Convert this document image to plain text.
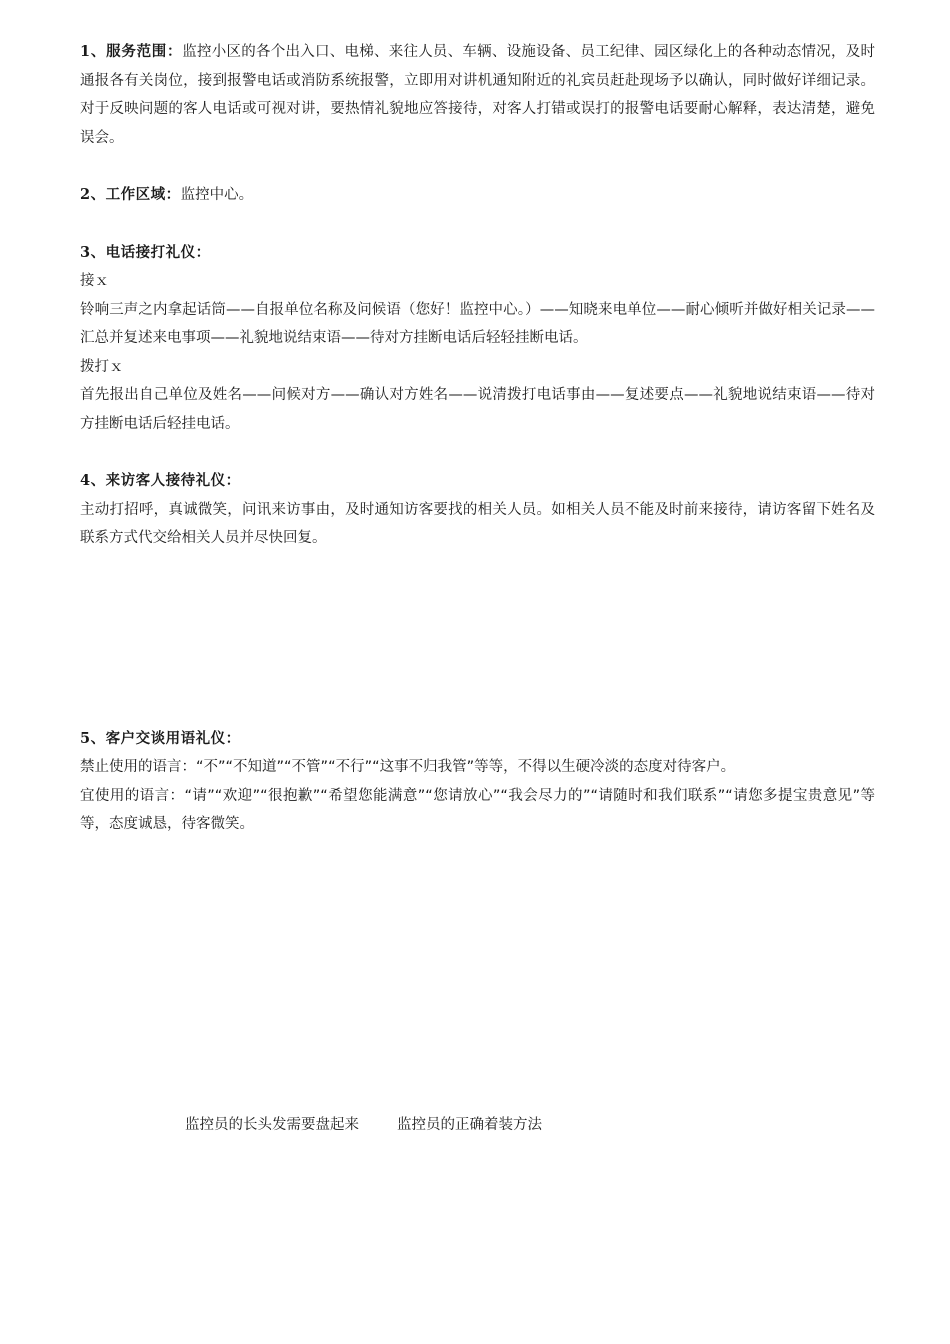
1、服务范围：监控小区的各个出入口、电梯、来往人员、车辆、设施设备、员工纪律、园区绿化上的各种动态情况，及时通报各有关岗位，接到报警电话或消防系统报警，立即用对讲机通知附近的礼宾员赶赴现场予以确认，同时做好详细记录。对于反映问题的客人电话或可视对讲，要热情礼貌地应答接待，对客人打错或误打的报警电话要耐心解释，表达清楚，避免误会。

2、工作区域：监控中心。

3、电话接打礼仪：

接ｘ

铃响三声之内拿起话筒——自报单位名称及问候语（您好！监控中心。）——知晓来电单位——耐心倾听并做好相关记录——汇总并复述来电事项——礼貌地说结束语——待对方挂断电话后轻轻挂断电话。

拨打ｘ

首先报出自己单位及姓名——问候对方——确认对方姓名——说清拨打电话事由——复述要点——礼貌地说结束语——待对方挂断电话后轻挂电话。

4、来访客人接待礼仪：

主动打招呼，真诚微笑，问讯来访事由，及时通知访客要找的相关人员。如相关人员不能及时前来接待，请访客留下姓名及联系方式代交给相关人员并尽快回复。

5、客户交谈用语礼仪：

禁止使用的语言：“不”“不知道”“不管”“不行”“这事不归我管”等等，不得以生硬冷淡的态度对待客户。

宜使用的语言：“请”“欢迎”“很抱歉”“希望您能满意”“您请放心”“我会尽力的”“请随时和我们联系”“请您多提宝贵意见”等等，态度诚恳，待客微笑。

监控员的长头发需要盘起来	监控员的正确着装方法
